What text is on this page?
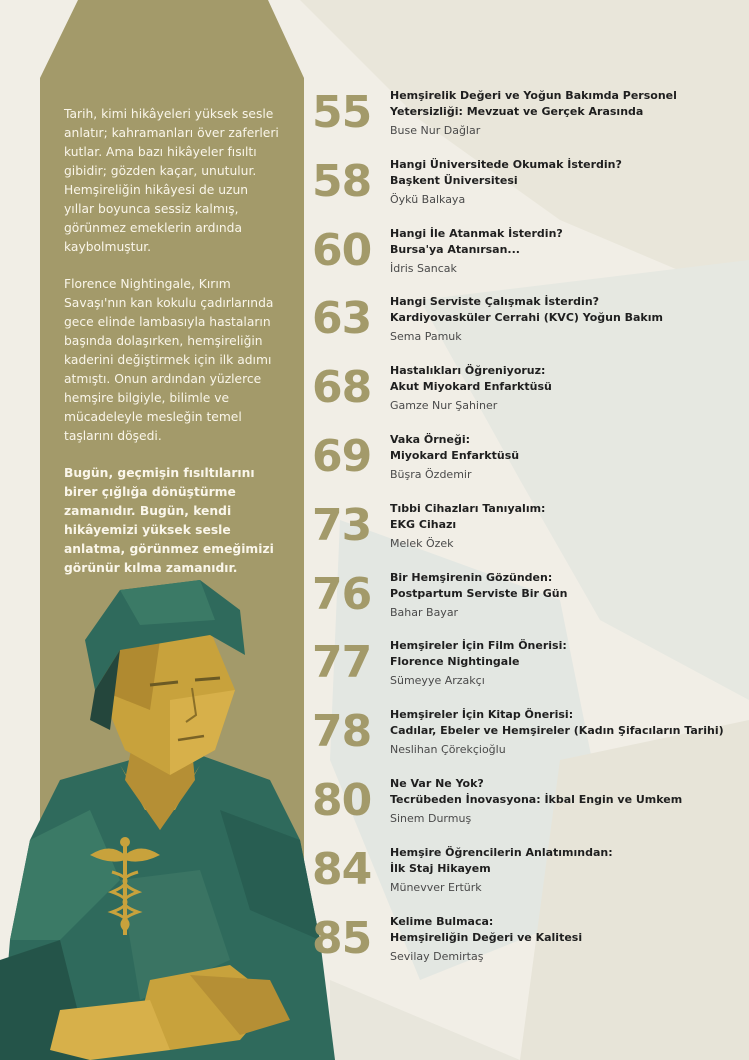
Tarih, kimi hikâyeleri yüksek sesle anlatır; kahramanları över zaferleri kutlar. Ama bazı hikâyeler fısıltı gibidir; gözden kaçar, unutulur. Hemşireliğin hikâyesi de uzun yıllar boyunca sessiz kalmış, görünmez emeklerin ardında kaybolmuştur.

Florence Nightingale, Kırım Savaşı'nın kan kokulu çadırlarında gece elinde lambasıyla hastaların başında dolaşırken, hemşireliğin kaderini değiştirmek için ilk adımı atmıştı. Onun ardından yüzlerce hemşire bilgiyle, bilimle ve mücadeleyle mesleğin temel taşlarını döşedi.

Bugün, geçmişin fısıltılarını birer çığlığa dönüştürme zamanıdır. Bugün, kendi hikâyemizi yüksek sesle anlatma, görünmez emeğimizi görünür kılma zamanıdır.

55	Hemşirelik Değeri ve Yoğun Bakımda Personel
Yetersizliği: Mevzuat ve Gerçek Arasında
Buse Nur Dağlar
58	Hangi Üniversitede Okumak İsterdin?
Başkent Üniversitesi
Öykü Balkaya
60	Hangi İle Atanmak İsterdin?
Bursa'ya Atanırsan...
İdris Sancak
63	Hangi Serviste Çalışmak İsterdin?
Kardiyovasküler Cerrahi (KVC) Yoğun Bakım
Sema Pamuk
68	Hastalıkları Öğreniyoruz:
Akut Miyokard Enfarktüsü
Gamze Nur Şahiner
69	Vaka Örneği:
Miyokard Enfarktüsü
Büşra Özdemir
73	Tıbbi Cihazları Tanıyalım:
EKG Cihazı
Melek Özek
76	Bir Hemşirenin Gözünden:
Postpartum Serviste Bir Gün
Bahar Bayar
77	Hemşireler İçin Film Önerisi:
Florence Nightingale
Sümeyye Arzakçı
78	Hemşireler İçin Kitap Önerisi:
Cadılar, Ebeler ve Hemşireler (Kadın Şifacıların Tarihi)
Neslihan Çörekçioğlu
80	Ne Var Ne Yok?
Tecrübeden İnovasyona: İkbal Engin ve Umkem
Sinem Durmuş
84	Hemşire Öğrencilerin Anlatımından:
İlk Staj Hikayem
Münevver Ertürk
85	Kelime Bulmaca:
Hemşireliğin Değeri ve Kalitesi
Sevilay Demirtaş
